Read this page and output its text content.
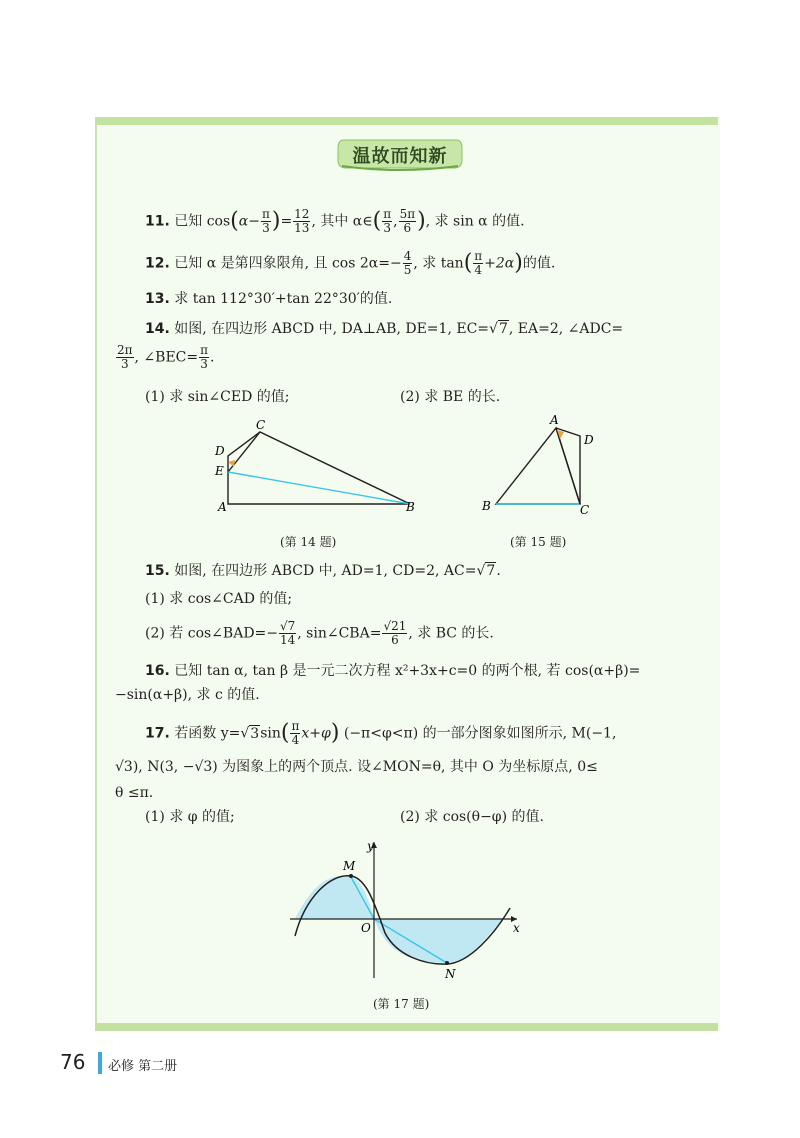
温故而知新
11. 已知 $\cos(\alpha- \frac{\pi}{3}$ )= $\frac{12}{13}$ , 其中 α∈( $\frac{\pi}{3}$ , $\frac{5\pi}{6}$ ), 求 sin α 的值.
12. 已知 α 是第四象限角, 且 $\cos 2\alpha=- \frac{4}{5}$ , 求 $\tan( \frac{\pi}{4} +2\alpha)$的值.
13. 求 tan 112°30′+tan 22°30′的值.
14. 如图, 在四边形 ABCD 中, DA⊥AB, DE=1, EC=√7, EA=2, ∠ADC=
$\frac{2\pi}{3}$ , ∠BEC= $\frac{\pi}{3}$ .
(1) 求 sin∠CED 的值;	(2) 求 BE 的长.
15. 如图, 在四边形 ABCD 中, AD=1, CD=2, AC=√7.
(1) 求 cos∠CAD 的值;
(2) 若 cos∠BAD=− $\frac{√7}{14}$ , sin∠CBA= $\frac{√21}{6}$ , 求 BC 的长.
16. 已知 tan α, tan β 是一元二次方程 x²+3x+c=0 的两个根, 若 cos(α+β)=
−sin(α+β), 求 c 的值.
17. 若函数 $y=√3\sin( \frac{\pi}{4} x+\varphi)$ (−π<φ<π) 的一部分图象如图所示, M(−1,
√3), N(3, −√3) 为图象上的两个顶点. 设∠MON=θ, 其中 O 为坐标原点, 0≤
θ ≤π.
(1) 求 φ 的值;	(2) 求 cos(θ−φ) 的值.
A	B
C
D
E
(第 14 题)
A
B	C
D
(第 15 题)
y
x
O
M
N
(第 17 题)
76 必修 第二册
